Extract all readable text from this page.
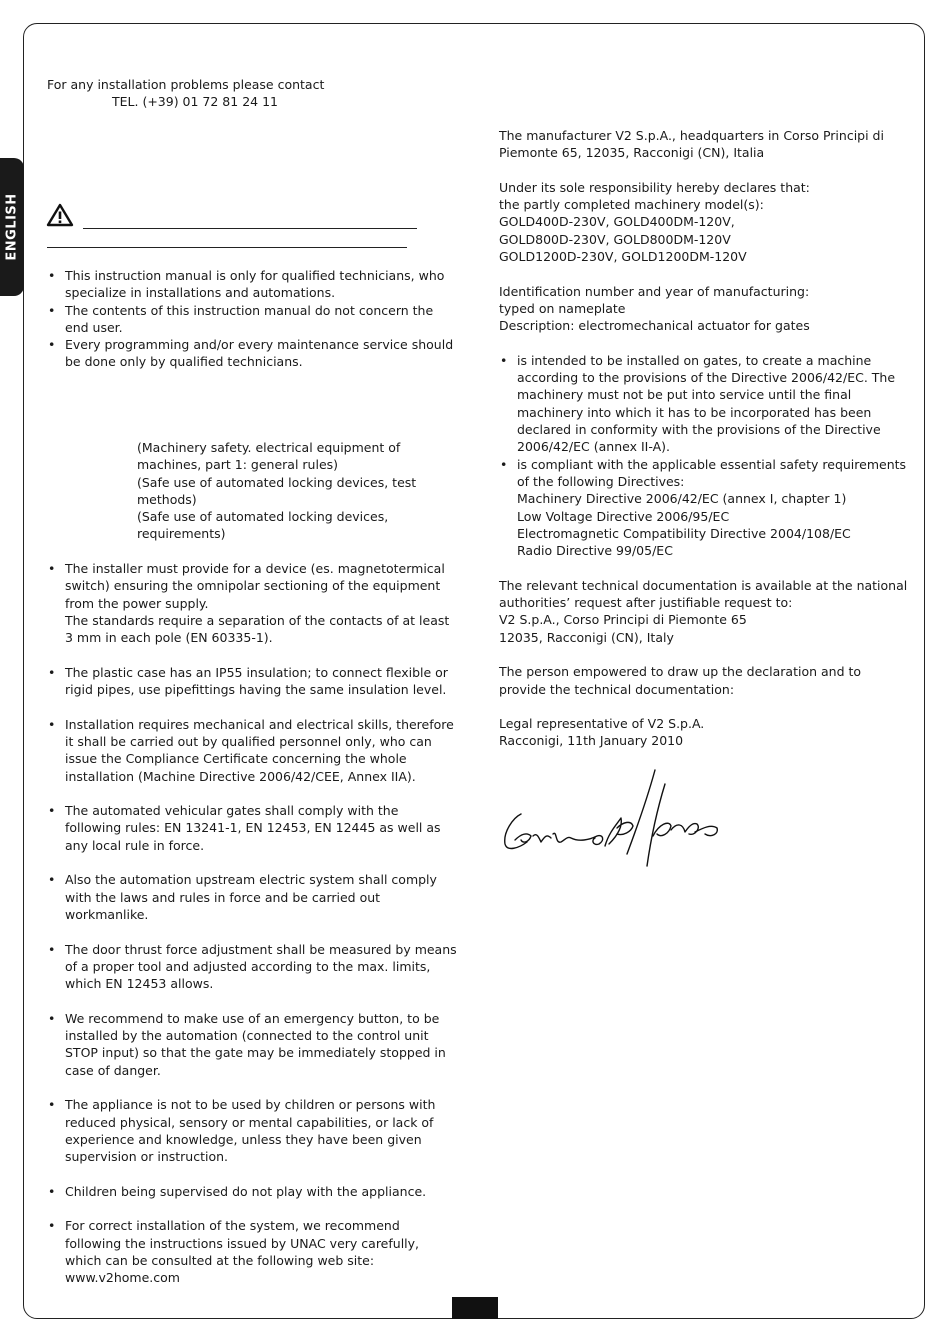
ENGLISH
For any installation problems please contact
TEL. (+39) 01 72 81 24 11
• This instruction manual is only for qualified technicians, who specialize in installations and automations.
• The contents of this instruction manual do not concern the end user.
• Every programming and/or every maintenance service should be done only by qualified technicians.
(Machinery safety. electrical equipment of machines, part 1: general rules)
(Safe use of automated locking devices, test methods)
(Safe use of automated locking devices, requirements)
• The installer must provide for a device (es. magnetotermical switch) ensuring the omnipolar sectioning of the equipment from the power supply.
The standards require a separation of the contacts of at least 3 mm in each pole (EN 60335-1).
• The plastic case has an IP55 insulation; to connect flexible or rigid pipes, use pipefittings having the same insulation level.
• Installation requires mechanical and electrical skills, therefore it shall be carried out by qualified personnel only, who can issue the Compliance Certificate concerning the whole installation (Machine Directive 2006/42/CEE, Annex IIA).
• The automated vehicular gates shall comply with the following rules: EN 13241-1, EN 12453, EN 12445 as well as any local rule in force.
• Also the automation upstream electric system shall comply with the laws and rules in force and be carried out workmanlike.
• The door thrust force adjustment shall be measured by means of a proper tool and adjusted according to the max. limits, which EN 12453 allows.
• We recommend to make use of an emergency button, to be installed by the automation (connected to the control unit STOP input) so that the gate may be immediately stopped in case of danger.
• The appliance is not to be used by children or persons with reduced physical, sensory or mental capabilities, or lack of experience and knowledge, unless they have been given supervision or instruction.
• Children being supervised do not play with the appliance.
• For correct installation of the system, we recommend following the instructions issued by UNAC very carefully, which can be consulted at the following web site:
www.v2home.com
The manufacturer V2 S.p.A., headquarters in Corso Principi di Piemonte 65, 12035, Racconigi (CN), Italia
Under its sole responsibility hereby declares that:
the partly completed machinery model(s):
GOLD400D-230V, GOLD400DM-120V,
GOLD800D-230V, GOLD800DM-120V
GOLD1200D-230V, GOLD1200DM-120V
Identification number and year of manufacturing:
typed on nameplate
Description: electromechanical actuator for gates
• is intended to be installed on gates, to create a machine according to the provisions of the Directive 2006/42/EC. The machinery must not be put into service until the final machinery into which it has to be incorporated has been declared in conformity with the provisions of the Directive 2006/42/EC (annex II-A).
• is compliant with the applicable essential safety requirements of the following Directives:
Machinery Directive 2006/42/EC (annex I, chapter 1)
Low Voltage Directive 2006/95/EC
Electromagnetic Compatibility Directive 2004/108/EC
Radio Directive 99/05/EC
The relevant technical documentation is available at the national authorities’ request after justifiable request to:
V2 S.p.A., Corso Principi di Piemonte 65
12035, Racconigi (CN), Italy
The person empowered to draw up the declaration and to provide the technical documentation:
Legal representative of V2 S.p.A.
Racconigi, 11th January 2010
